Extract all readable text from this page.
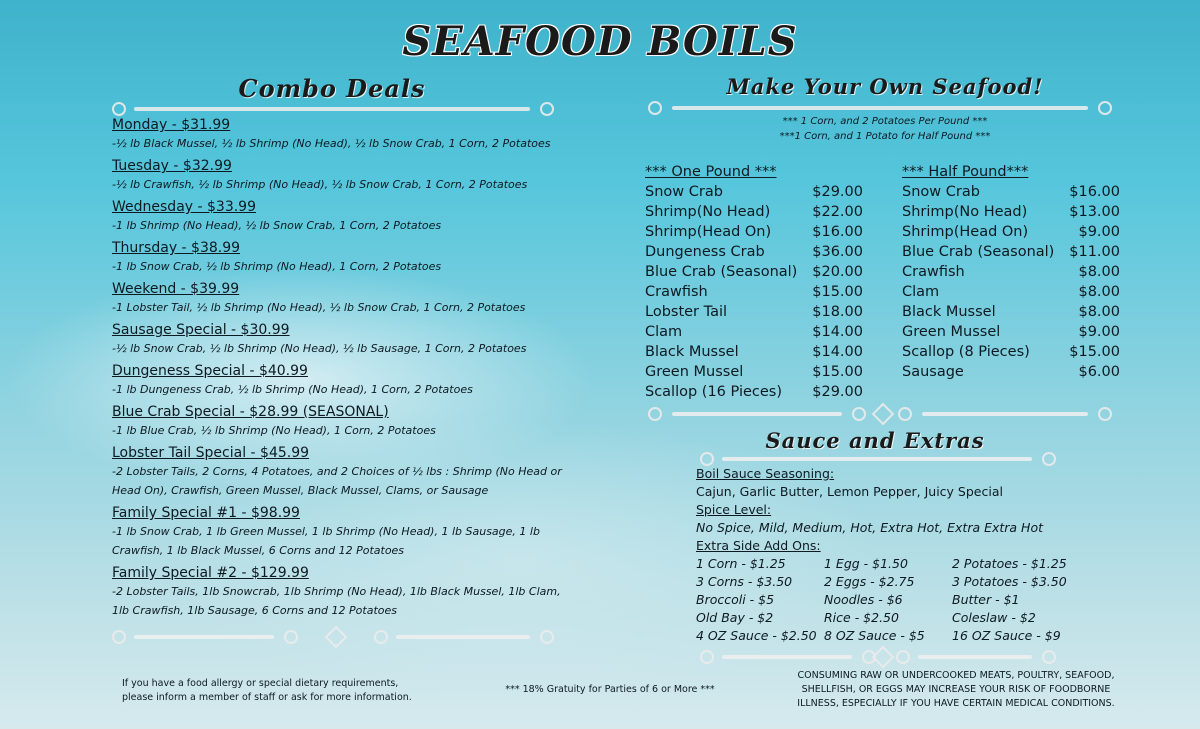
SEAFOOD BOILS
Combo Deals
Monday - $31.99
-½ lb Black Mussel, ½ lb Shrimp (No Head), ½ lb Snow Crab, 1 Corn, 2 Potatoes
Tuesday - $32.99
-½ lb Crawfish, ½ lb Shrimp (No Head), ½ lb Snow Crab, 1 Corn, 2 Potatoes
Wednesday - $33.99
-1 lb Shrimp (No Head), ½ lb Snow Crab, 1 Corn, 2 Potatoes
Thursday - $38.99
-1 lb Snow Crab, ½ lb Shrimp (No Head), 1 Corn, 2 Potatoes
Weekend - $39.99
-1 Lobster Tail, ½ lb Shrimp (No Head), ½ lb Snow Crab, 1 Corn, 2 Potatoes
Sausage Special - $30.99
-½ lb Snow Crab, ½ lb Shrimp (No Head), ½ lb Sausage, 1 Corn, 2 Potatoes
Dungeness Special - $40.99
-1 lb Dungeness Crab, ½ lb Shrimp (No Head), 1 Corn, 2 Potatoes
Blue Crab Special - $28.99 (SEASONAL)
-1 lb Blue Crab, ½ lb Shrimp (No Head), 1 Corn, 2 Potatoes
Lobster Tail Special - $45.99
-2 Lobster Tails, 2 Corns, 4 Potatoes, and 2 Choices of ½ lbs : Shrimp (No Head or Head On), Crawfish, Green Mussel, Black Mussel, Clams, or Sausage
Family Special #1 - $98.99
-1 lb Snow Crab, 1 lb Green Mussel, 1 lb Shrimp (No Head), 1 lb Sausage, 1 lb Crawfish, 1 lb Black Mussel, 6 Corns and 12 Potatoes
Family Special #2 - $129.99
-2 Lobster Tails, 1lb Snowcrab, 1lb Shrimp (No Head), 1lb Black Mussel, 1lb Clam, 1lb Crawfish, 1lb Sausage, 6 Corns and 12 Potatoes
Make Your Own Seafood!
*** 1 Corn, and 2 Potatoes Per Pound ***
***1 Corn, and 1 Potato for Half Pound ***
*** One Pound ***
Snow Crab	$29.00
Shrimp(No Head)	$22.00
Shrimp(Head On)	$16.00
Dungeness Crab	$36.00
Blue Crab (Seasonal) $20.00
Crawfish	$15.00
Lobster Tail	$18.00
Clam	$14.00
Black Mussel	$14.00
Green Mussel	$15.00
Scallop (16 Pieces) $29.00
*** Half Pound***
Snow Crab	$16.00
Shrimp(No Head)	$13.00
Shrimp(Head On)	$9.00
Blue Crab (Seasonal) $11.00
Crawfish	$8.00
Clam	$8.00
Black Mussel	$8.00
Green Mussel	$9.00
Scallop (8 Pieces)	$15.00
Sausage	$6.00
Sauce and Extras
Boil Sauce Seasoning:
Cajun, Garlic Butter, Lemon Pepper, Juicy Special
Spice Level:
No Spice, Mild, Medium, Hot, Extra Hot, Extra Extra Hot
Extra Side Add Ons:
1 Corn - $1.25	1 Egg - $1.50	2 Potatoes - $1.25
3 Corns - $3.50	2 Eggs - $2.75	3 Potatoes - $3.50
Broccoli - $5	Noodles - $6	Butter - $1
Old Bay - $2	Rice - $2.50	Coleslaw - $2
4 OZ Sauce - $2.50 8 OZ Sauce - $5	16 OZ Sauce - $9
If you have a food allergy or special dietary requirements,
please inform a member of staff or ask for more information.
*** 18% Gratuity for Parties of 6 or More ***
CONSUMING RAW OR UNDERCOOKED MEATS, POULTRY, SEAFOOD,
SHELLFISH, OR EGGS MAY INCREASE YOUR RISK OF FOODBORNE
ILLNESS, ESPECIALLY IF YOU HAVE CERTAIN MEDICAL CONDITIONS.
